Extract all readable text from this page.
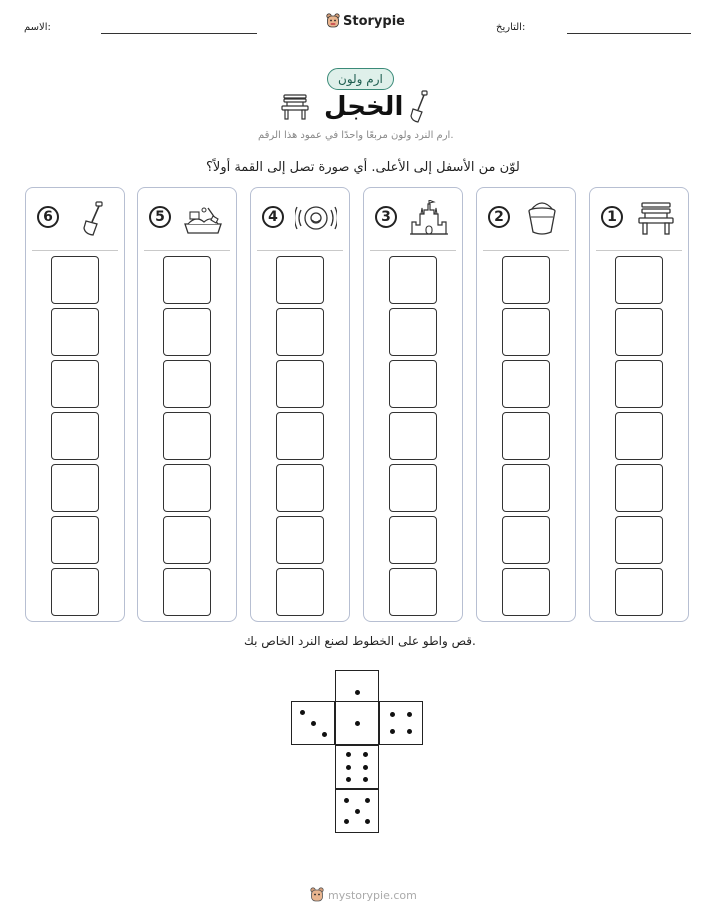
الاسم:	Storypie	التاريخ:
ارم ولون
الخجل
ارم النرد ولون مربعًا واحدًا في عمود هذا الرقم.
لوّن من الأسفل إلى الأعلى. أي صورة تصل إلى القمة أولاً؟
1
2
3
4
5
6
قص واطو على الخطوط لصنع النرد الخاص بك.
mystorypie.com
